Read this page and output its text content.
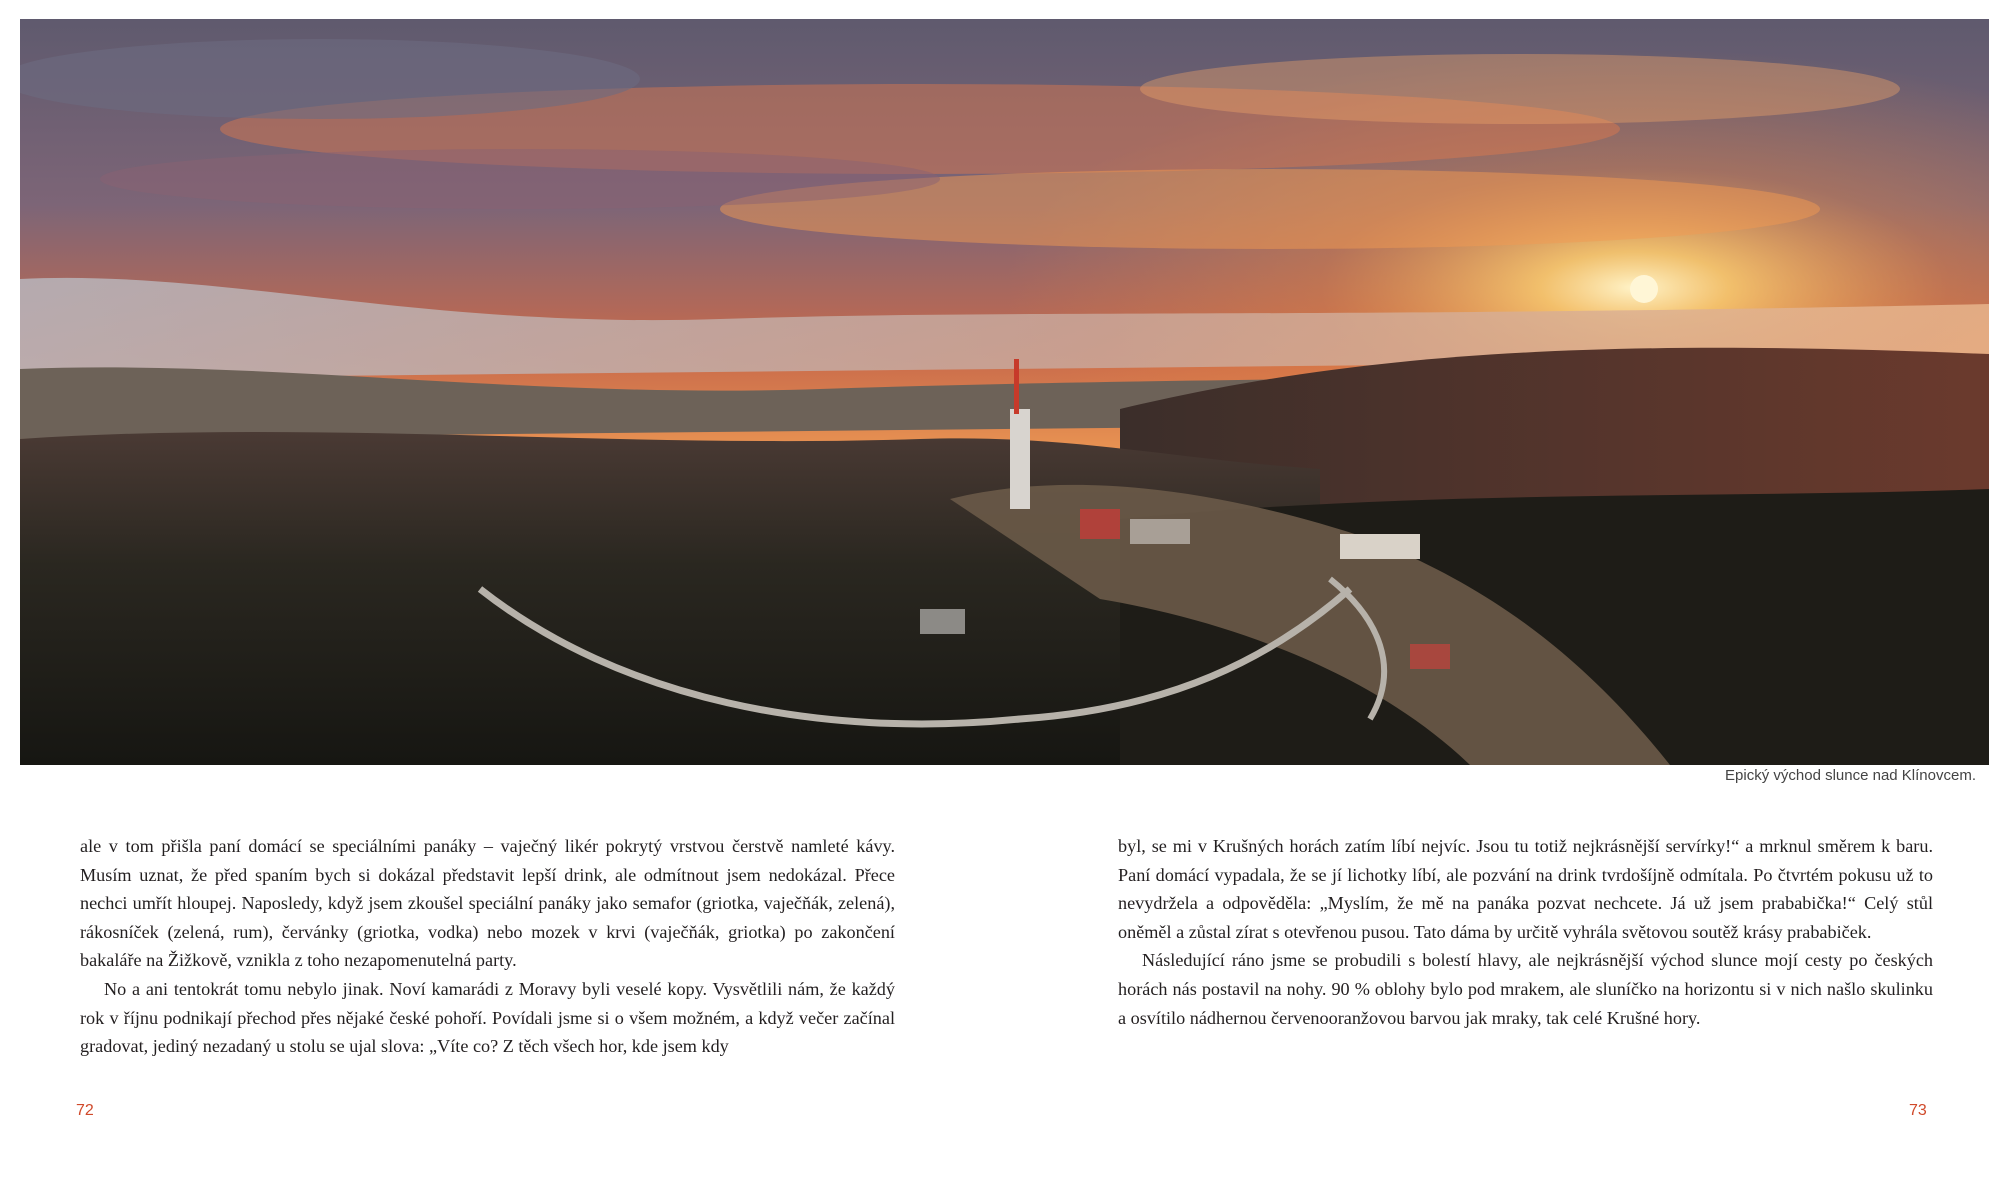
Epický východ slunce nad Klínovcem.

ale v tom přišla paní domácí se speciálními panáky – vaječný likér pokrytý vrstvou čerstvě namleté kávy. Musím uznat, že před spaním bych si dokázal představit lepší drink, ale odmítnout jsem nedokázal. Přece nechci umřít hloupej. Naposledy, když jsem zkoušel speciální panáky jako semafor (griotka, vaječňák, zelená), rákosníček (zelená, rum), červánky (griotka, vodka) nebo mozek v krvi (vaječňák, griotka) po zakončení bakaláře na Žižkově, vznikla z toho nezapomenutelná party.

No a ani tentokrát tomu nebylo jinak. Noví kamarádi z Moravy byli veselé kopy. Vysvětlili nám, že každý rok v říjnu podnikají přechod přes nějaké české pohoří. Povídali jsme si o všem možném, a když večer začínal gradovat, jediný nezadaný u stolu se ujal slova: „Víte co? Z těch všech hor, kde jsem kdy

byl, se mi v Krušných horách zatím líbí nejvíc. Jsou tu totiž nejkrásnější servírky!“ a mrknul směrem k baru. Paní domácí vypadala, že se jí lichotky líbí, ale pozvání na drink tvrdošíjně odmítala. Po čtvrtém pokusu už to nevydržela a odpověděla: „Myslím, že mě na panáka pozvat nechcete. Já už jsem prababička!“ Celý stůl oněměl a zůstal zírat s otevřenou pusou. Tato dáma by určitě vyhrála světovou soutěž krásy prababiček.

Následující ráno jsme se probudili s bolestí hlavy, ale nejkrásnější východ slunce mojí cesty po českých horách nás postavil na nohy. 90 % oblohy bylo pod mrakem, ale sluníčko na horizontu si v nich našlo skulinku a osvítilo nádhernou červenooranžovou barvou jak mraky, tak celé Krušné hory.

72	73
